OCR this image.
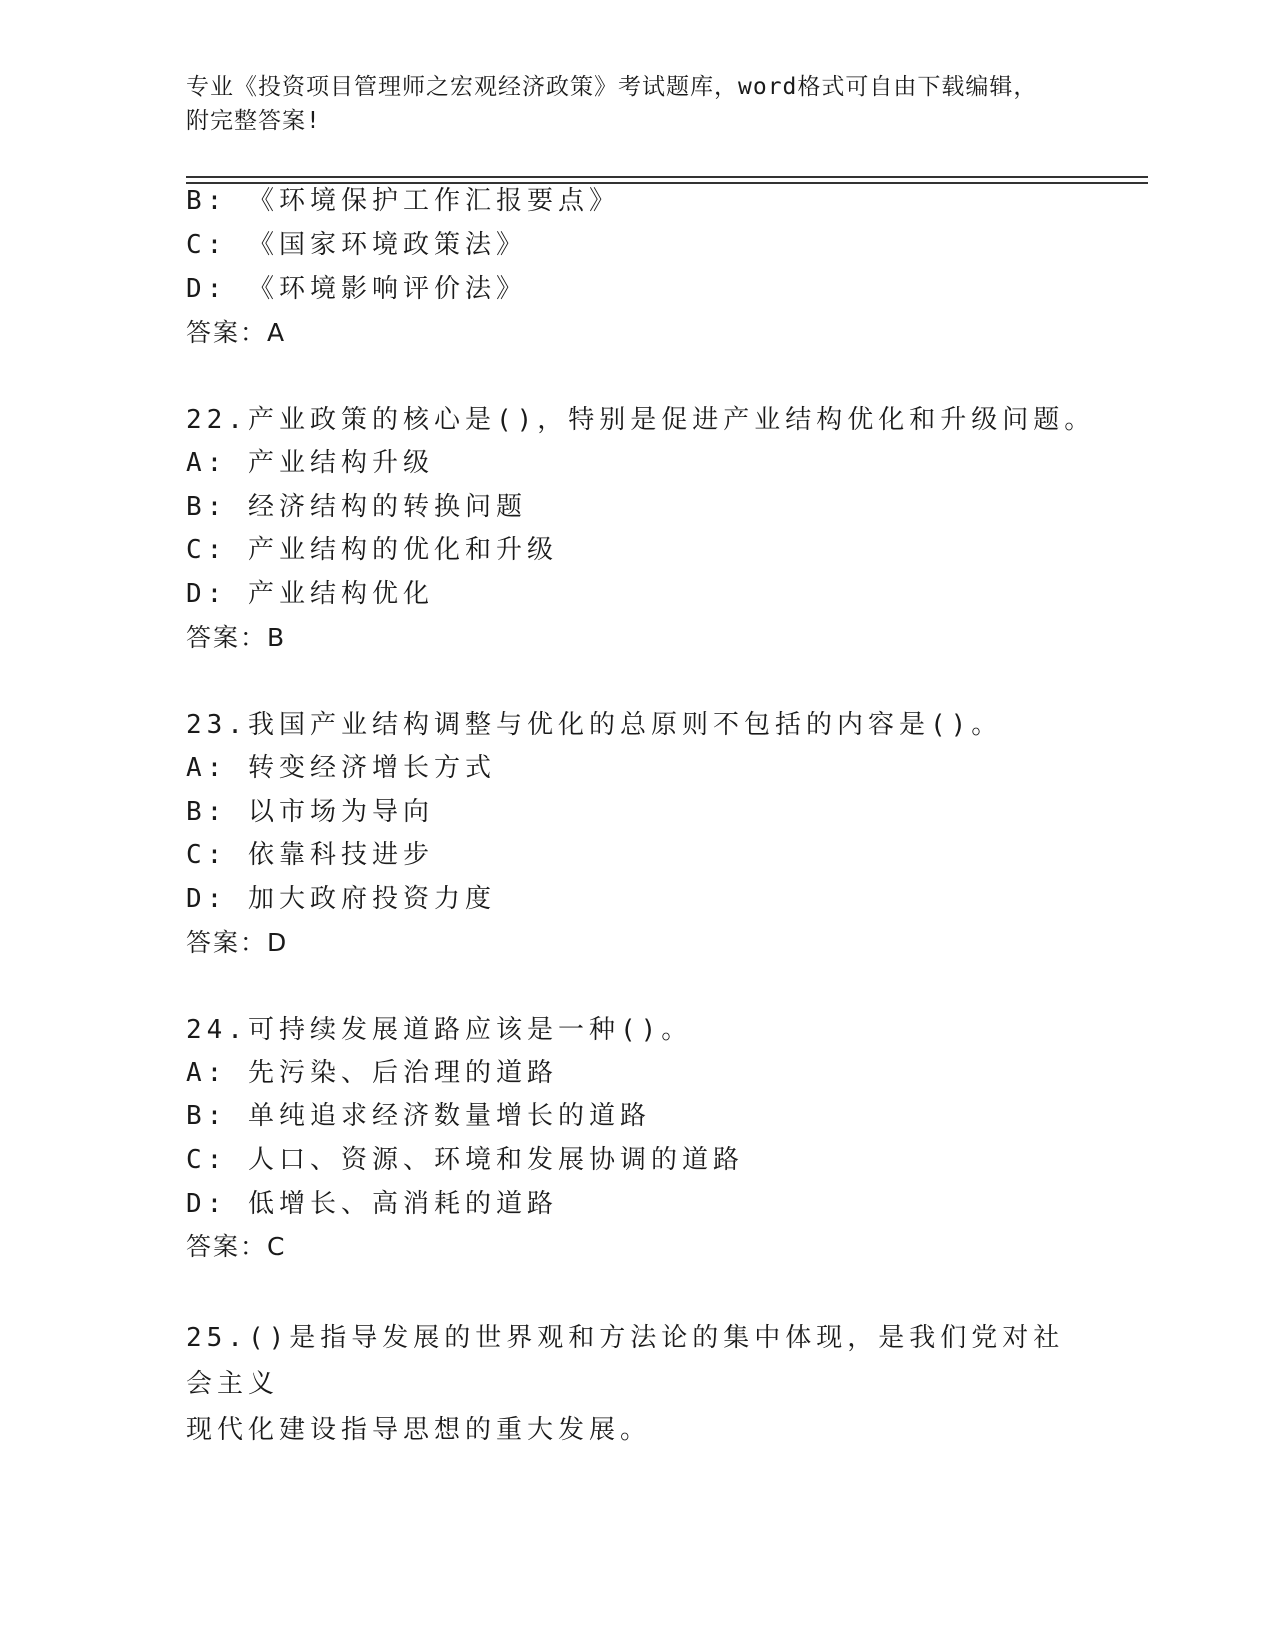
专业《投资项目管理师之宏观经济政策》考试题库，word格式可自由下载编辑，
附完整答案!
B: 《环境保护工作汇报要点》
C: 《国家环境政策法》
D: 《环境影响评价法》
答案：A
22.产业政策的核心是()，特别是促进产业结构优化和升级问题。
A: 产业结构升级
B: 经济结构的转换问题
C: 产业结构的优化和升级
D: 产业结构优化
答案：B
23.我国产业结构调整与优化的总原则不包括的内容是()。
A: 转变经济增长方式
B: 以市场为导向
C: 依靠科技进步
D: 加大政府投资力度
答案：D
24.可持续发展道路应该是一种()。
A: 先污染、后治理的道路
B: 单纯追求经济数量增长的道路
C: 人口、资源、环境和发展协调的道路
D: 低增长、高消耗的道路
答案：C
25.()是指导发展的世界观和方法论的集中体现，是我们党对社会主义
现代化建设指导思想的重大发展。
